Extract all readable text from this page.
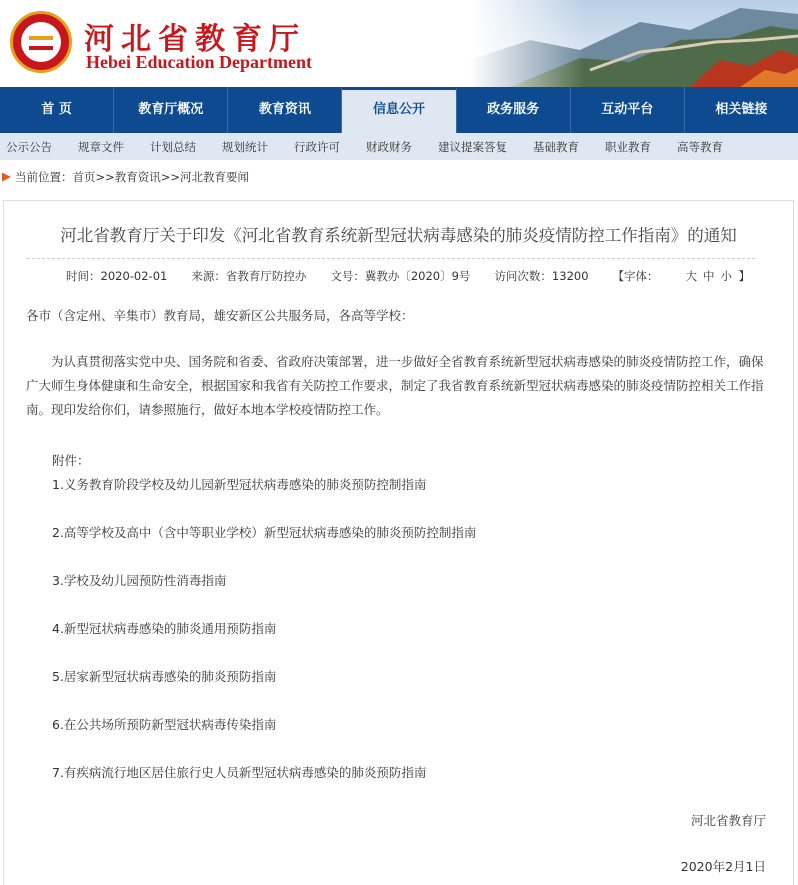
河北省教育厅
Hebei Education Department
首 页	教育厅概况	教育资讯	信息公开	政务服务	互动平台	相关链接
公示公告 规章文件 计划总结 规划统计 行政许可 财政财务 建议提案答复 基础教育 职业教育 高等教育
当前位置：首页>>教育资讯>>河北教育要闻
河北省教育厅关于印发《河北省教育系统新型冠状病毒感染的肺炎疫情防控工作指南》的通知
时间：2020-02-01 来源：省教育厅防控办 文号：冀教办〔2020〕9号 访问次数：13200 【字体： 大 中 小 】
各市（含定州、辛集市）教育局，雄安新区公共服务局，各高等学校：
为认真贯彻落实党中央、国务院和省委、省政府决策部署，进一步做好全省教育系统新型冠状病毒感染的肺炎疫情防控工作，确保广大师生身体健康和生命安全，根据国家和我省有关防控工作要求，制定了我省教育系统新型冠状病毒感染的肺炎疫情防控相关工作指南。现印发给你们，请参照施行，做好本地本学校疫情防控工作。
附件：
1.义务教育阶段学校及幼儿园新型冠状病毒感染的肺炎预防控制指南
2.高等学校及高中（含中等职业学校）新型冠状病毒感染的肺炎预防控制指南
3.学校及幼儿园预防性消毒指南
4.新型冠状病毒感染的肺炎通用预防指南
5.居家新型冠状病毒感染的肺炎预防指南
6.在公共场所预防新型冠状病毒传染指南
7.有疾病流行地区居住旅行史人员新型冠状病毒感染的肺炎预防指南
河北省教育厅
2020年2月1日
